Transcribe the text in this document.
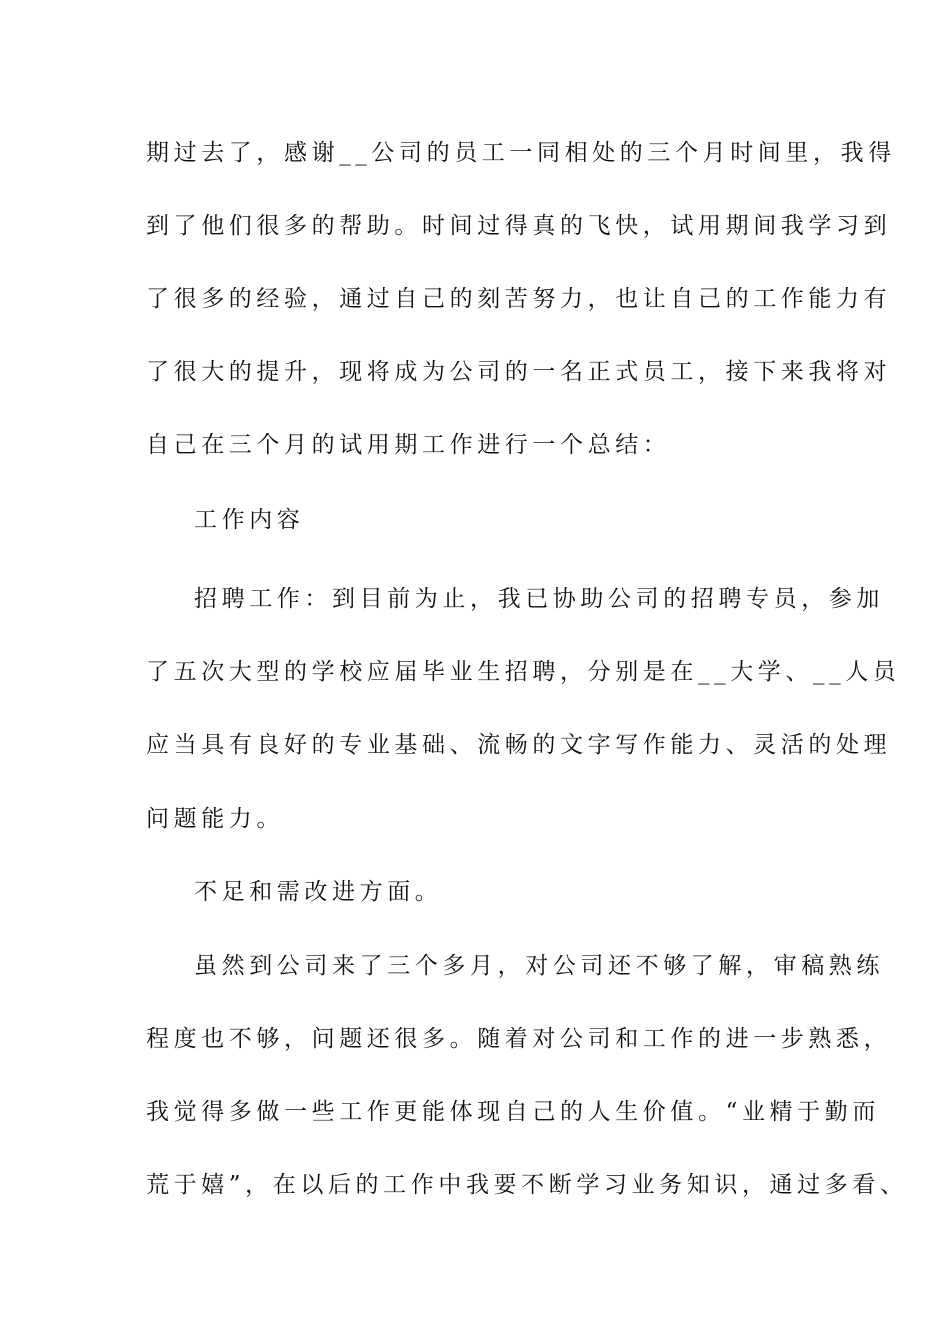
期过去了，感谢__公司的员工一同相处的三个月时间里，我得
到了他们很多的帮助。时间过得真的飞快，试用期间我学习到
了很多的经验，通过自己的刻苦努力，也让自己的工作能力有
了很大的提升，现将成为公司的一名正式员工，接下来我将对
自己在三个月的试用期工作进行一个总结：
工作内容
招聘工作：到目前为止，我已协助公司的招聘专员，参加
了五次大型的学校应届毕业生招聘，分别是在__大学、__人员
应当具有良好的专业基础、流畅的文字写作能力、灵活的处理
问题能力。
不足和需改进方面。
虽然到公司来了三个多月，对公司还不够了解，审稿熟练
程度也不够，问题还很多。随着对公司和工作的进一步熟悉，
我觉得多做一些工作更能体现自己的人生价值。“业精于勤而
荒于嬉”，在以后的工作中我要不断学习业务知识，通过多看、
